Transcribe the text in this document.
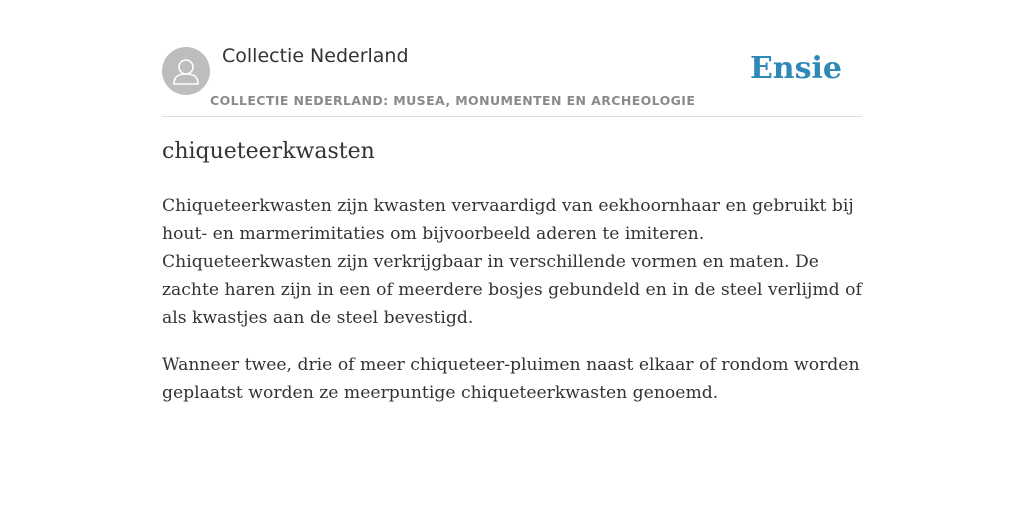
Collectie Nederland
COLLECTIE NEDERLAND: MUSEA, MONUMENTEN EN ARCHEOLOGIE
Ensie
chiqueteerkwasten

Chiqueteerkwasten zijn kwasten vervaardigd van eekhoornhaar en gebruikt bij hout- en marmerimitaties om bijvoorbeeld aderen te imiteren. Chiqueteerkwasten zijn verkrijgbaar in verschillende vormen en maten. De zachte haren zijn in een of meerdere bosjes gebundeld en in de steel verlijmd of als kwastjes aan de steel bevestigd.

Wanneer twee, drie of meer chiqueteer-pluimen naast elkaar of rondom worden geplaatst worden ze meerpuntige chiqueteerkwasten genoemd.
